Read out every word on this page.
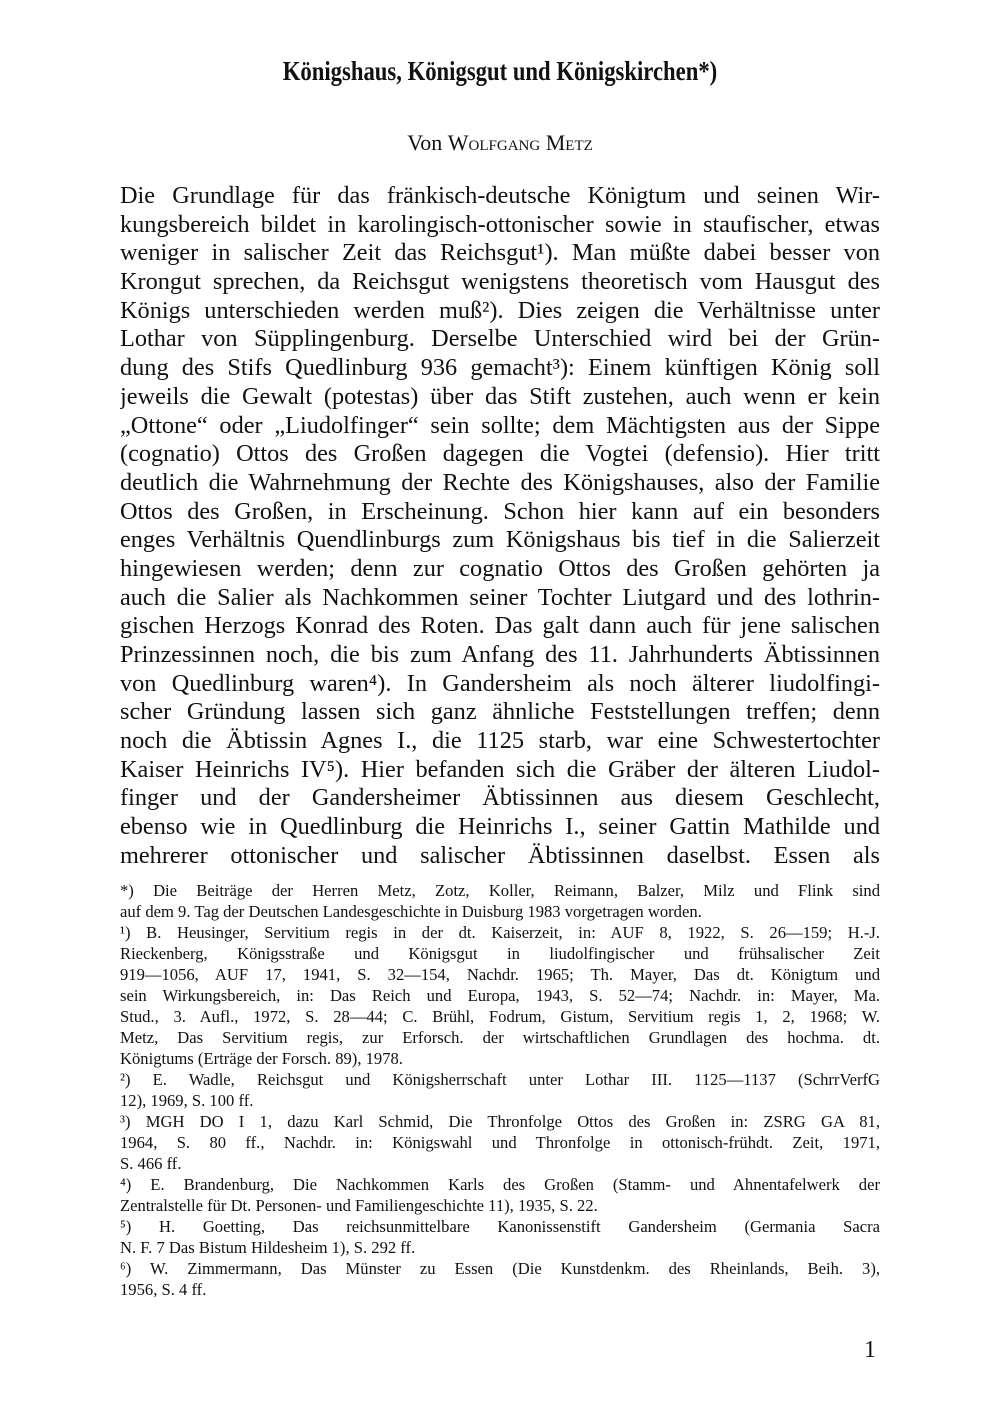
Königshaus, Königsgut und Königskirchen*)

Von Wolfgang Metz

Die Grundlage für das fränkisch-deutsche Königtum und seinen Wir-
kungsbereich bildet in karolingisch-ottonischer sowie in staufischer, etwas
weniger in salischer Zeit das Reichsgut¹). Man müßte dabei besser von
Krongut sprechen, da Reichsgut wenigstens theoretisch vom Hausgut des
Königs unterschieden werden muß²). Dies zeigen die Verhältnisse unter
Lothar von Süpplingenburg. Derselbe Unterschied wird bei der Grün-
dung des Stifs Quedlinburg 936 gemacht³): Einem künftigen König soll
jeweils die Gewalt (potestas) über das Stift zustehen, auch wenn er kein
„Ottone“ oder „Liudolfinger“ sein sollte; dem Mächtigsten aus der Sippe
(cognatio) Ottos des Großen dagegen die Vogtei (defensio). Hier tritt
deutlich die Wahrnehmung der Rechte des Königshauses, also der Familie
Ottos des Großen, in Erscheinung. Schon hier kann auf ein besonders
enges Verhältnis Quendlinburgs zum Königshaus bis tief in die Salierzeit
hingewiesen werden; denn zur cognatio Ottos des Großen gehörten ja
auch die Salier als Nachkommen seiner Tochter Liutgard und des lothrin-
gischen Herzogs Konrad des Roten. Das galt dann auch für jene salischen
Prinzessinnen noch, die bis zum Anfang des 11. Jahrhunderts Äbtissinnen
von Quedlinburg waren⁴). In Gandersheim als noch älterer liudolfingi-
scher Gründung lassen sich ganz ähnliche Feststellungen treffen; denn
noch die Äbtissin Agnes I., die 1125 starb, war eine Schwestertochter
Kaiser Heinrichs IV⁵). Hier befanden sich die Gräber der älteren Liudol-
finger und der Gandersheimer Äbtissinnen aus diesem Geschlecht,
ebenso wie in Quedlinburg die Heinrichs I., seiner Gattin Mathilde und
mehrerer ottonischer und salischer Äbtissinnen daselbst. Essen als
*) Die Beiträge der Herren Metz, Zotz, Koller, Reimann, Balzer, Milz und Flink sind
auf dem 9. Tag der Deutschen Landesgeschichte in Duisburg 1983 vorgetragen worden.
¹) B. Heusinger, Servitium regis in der dt. Kaiserzeit, in: AUF 8, 1922, S. 26—159; H.-J.
Rieckenberg, Königsstraße und Königsgut in liudolfingischer und frühsalischer Zeit
919—1056, AUF 17, 1941, S. 32—154, Nachdr. 1965; Th. Mayer, Das dt. Königtum und
sein Wirkungsbereich, in: Das Reich und Europa, 1943, S. 52—74; Nachdr. in: Mayer, Ma.
Stud., 3. Aufl., 1972, S. 28—44; C. Brühl, Fodrum, Gistum, Servitium regis 1, 2, 1968; W.
Metz, Das Servitium regis, zur Erforsch. der wirtschaftlichen Grundlagen des hochma. dt.
Königtums (Erträge der Forsch. 89), 1978.
²) E. Wadle, Reichsgut und Königsherrschaft unter Lothar III. 1125—1137 (SchrrVerfG
12), 1969, S. 100 ff.
³) MGH DO I 1, dazu Karl Schmid, Die Thronfolge Ottos des Großen in: ZSRG GA 81,
1964, S. 80 ff., Nachdr. in: Königswahl und Thronfolge in ottonisch-frühdt. Zeit, 1971,
S. 466 ff.
⁴) E. Brandenburg, Die Nachkommen Karls des Großen (Stamm- und Ahnentafelwerk der
Zentralstelle für Dt. Personen- und Familiengeschichte 11), 1935, S. 22.
⁵) H. Goetting, Das reichsunmittelbare Kanonissenstift Gandersheim (Germania Sacra
N. F. 7 Das Bistum Hildesheim 1), S. 292 ff.
⁶) W. Zimmermann, Das Münster zu Essen (Die Kunstdenkm. des Rheinlands, Beih. 3),
1956, S. 4 ff.
1
